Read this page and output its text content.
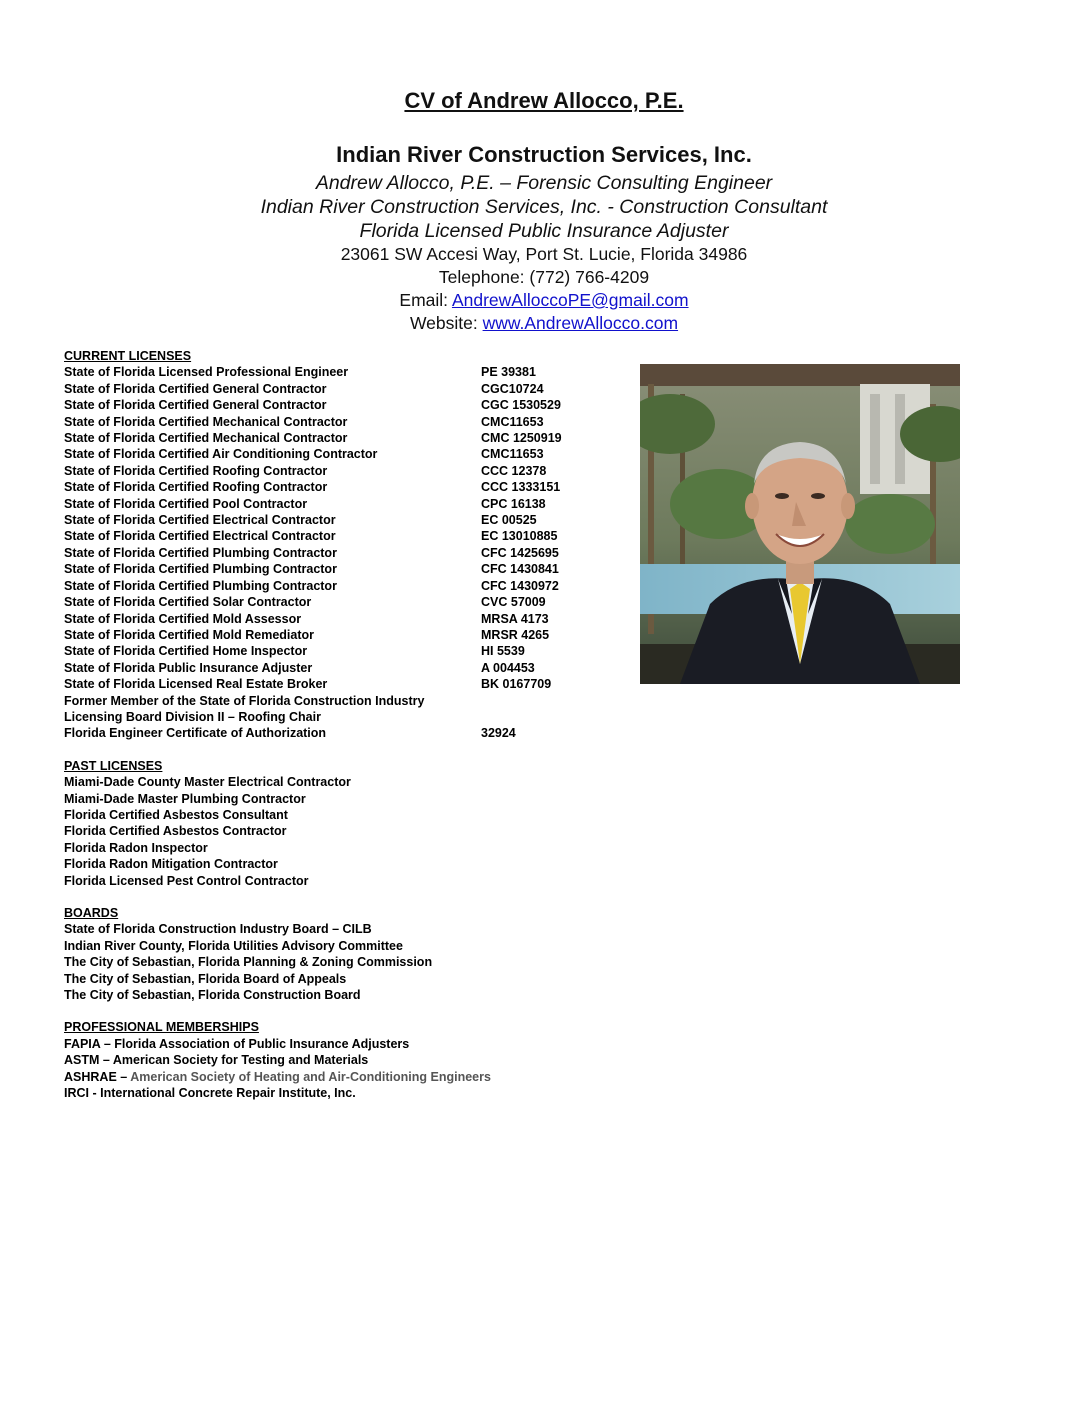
CV of Andrew Allocco, P.E.
Indian River Construction Services, Inc.
Andrew Allocco, P.E. – Forensic Consulting Engineer
Indian River Construction Services, Inc. - Construction Consultant
Florida Licensed Public Insurance Adjuster
23061 SW Accesi Way, Port St. Lucie, Florida 34986
Telephone: (772) 766-4209
Email: AndrewAlloccoPE@gmail.com
Website: www.AndrewAllocco.com
CURRENT LICENSES
State of Florida Licensed Professional Engineer	PE 39381
State of Florida Certified General Contractor	CGC10724
State of Florida Certified General Contractor	CGC 1530529
State of Florida Certified Mechanical Contractor	CMC11653
State of Florida Certified Mechanical Contractor	CMC 1250919
State of Florida Certified Air Conditioning Contractor	CMC11653
State of Florida Certified Roofing Contractor	CCC 12378
State of Florida Certified Roofing Contractor	CCC 1333151
State of Florida Certified Pool Contractor	CPC 16138
State of Florida Certified Electrical Contractor	EC 00525
State of Florida Certified Electrical Contractor	EC 13010885
State of Florida Certified Plumbing Contractor	CFC 1425695
State of Florida Certified Plumbing Contractor	CFC 1430841
State of Florida Certified Plumbing Contractor	CFC 1430972
State of Florida Certified Solar Contractor	CVC 57009
State of Florida Certified Mold Assessor	MRSA 4173
State of Florida Certified Mold Remediator	MRSR 4265
State of Florida Certified Home Inspector	HI 5539
State of Florida Public Insurance Adjuster	A 004453
State of Florida Licensed Real Estate Broker	BK 0167709
Former Member of the State of Florida Construction Industry
Licensing Board Division II – Roofing Chair
Florida Engineer Certificate of Authorization	32924
PAST LICENSES
Miami-Dade County Master Electrical Contractor
Miami-Dade Master Plumbing Contractor
Florida Certified Asbestos Consultant
Florida Certified Asbestos Contractor
Florida Radon Inspector
Florida Radon Mitigation Contractor
Florida Licensed Pest Control Contractor
BOARDS
State of Florida Construction Industry Board – CILB
Indian River County, Florida Utilities Advisory Committee
The City of Sebastian, Florida Planning & Zoning Commission
The City of Sebastian, Florida Board of Appeals
The City of Sebastian, Florida Construction Board
PROFESSIONAL MEMBERSHIPS
FAPIA – Florida Association of Public Insurance Adjusters
ASTM – American Society for Testing and Materials
ASHRAE – American Society of Heating and Air-Conditioning Engineers
IRCI - International Concrete Repair Institute, Inc.
